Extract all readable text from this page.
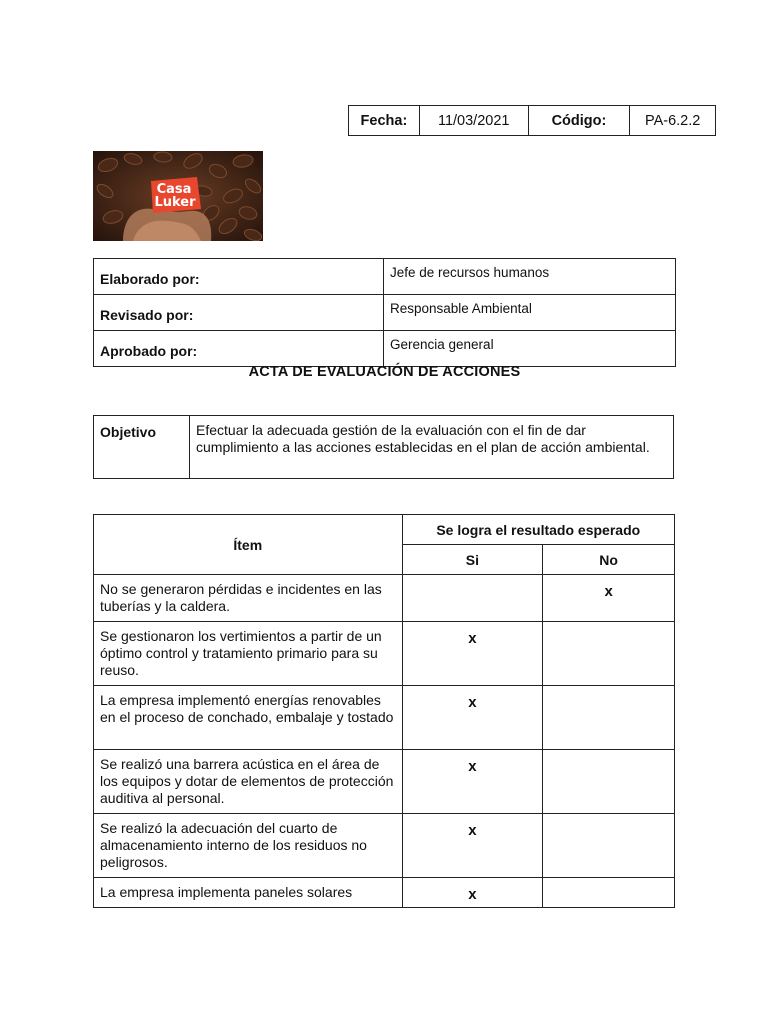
Fecha:	11/03/2021	Código:	PA-6.2.2
Casa
Luker
Elaborado por:	Jefe de recursos humanos
Revisado por:	Responsable Ambiental
Aprobado por:	Gerencia general
ACTA DE EVALUACIÓN DE ACCIONES
Objetivo	Efectuar la adecuada gestión de la evaluación con el fin de dar cumplimiento a las acciones establecidas en el plan de acción ambiental.
Ítem	Se logra el resultado esperado	
	Si	No
No se generaron pérdidas e incidentes en las tuberías y la caldera.		x
Se gestionaron los vertimientos a partir de un óptimo control y tratamiento primario para su reuso.	x	
La empresa implementó energías renovables en el proceso de conchado, embalaje y tostado	x	
Se realizó una barrera acústica en el área de los equipos y dotar de elementos de protección auditiva al personal.	x	
Se realizó la adecuación del cuarto de almacenamiento interno de los residuos no peligrosos.	x	
La empresa implementa paneles solares	x	
